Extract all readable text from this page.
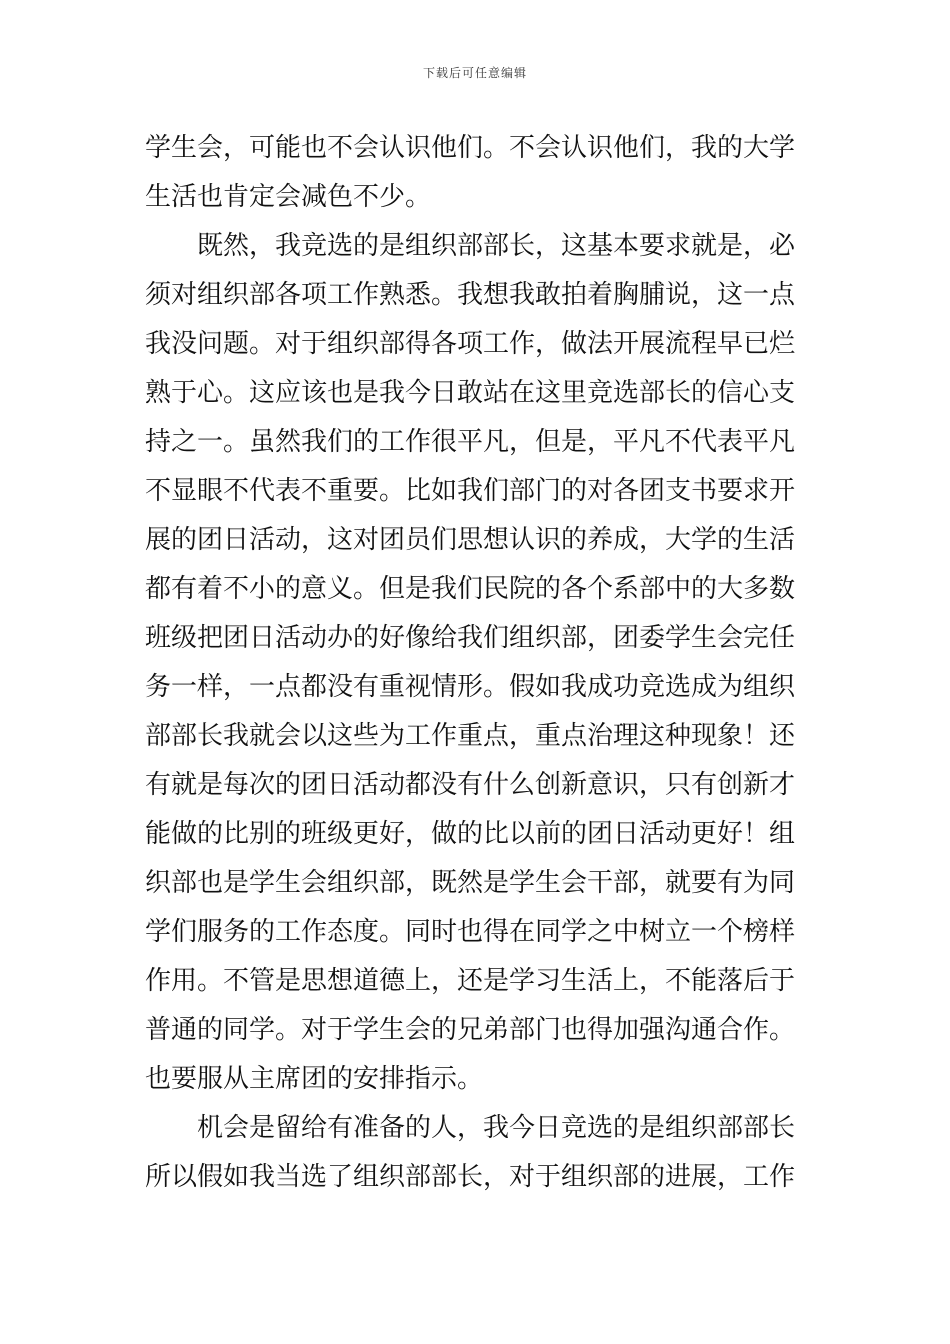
下载后可任意编辑
学生会，可能也不会认识他们。不会认识他们，我的大学
生活也肯定会减色不少。
　　既然，我竞选的是组织部部长，这基本要求就是，必
须对组织部各项工作熟悉。我想我敢拍着胸脯说，这一点
我没问题。对于组织部得各项工作，做法开展流程早已烂
熟于心。这应该也是我今日敢站在这里竞选部长的信心支
持之一。虽然我们的工作很平凡，但是，平凡不代表平凡
不显眼不代表不重要。比如我们部门的对各团支书要求开
展的团日活动，这对团员们思想认识的养成，大学的生活
都有着不小的意义。但是我们民院的各个系部中的大多数
班级把团日活动办的好像给我们组织部，团委学生会完任
务一样，一点都没有重视情形。假如我成功竞选成为组织
部部长我就会以这些为工作重点，重点治理这种现象！还
有就是每次的团日活动都没有什么创新意识，只有创新才
能做的比别的班级更好，做的比以前的团日活动更好！组
织部也是学生会组织部，既然是学生会干部，就要有为同
学们服务的工作态度。同时也得在同学之中树立一个榜样
作用。不管是思想道德上，还是学习生活上，不能落后于
普通的同学。对于学生会的兄弟部门也得加强沟通合作。
也要服从主席团的安排指示。
　　机会是留给有准备的人，我今日竞选的是组织部部长
所以假如我当选了组织部部长，对于组织部的进展，工作
